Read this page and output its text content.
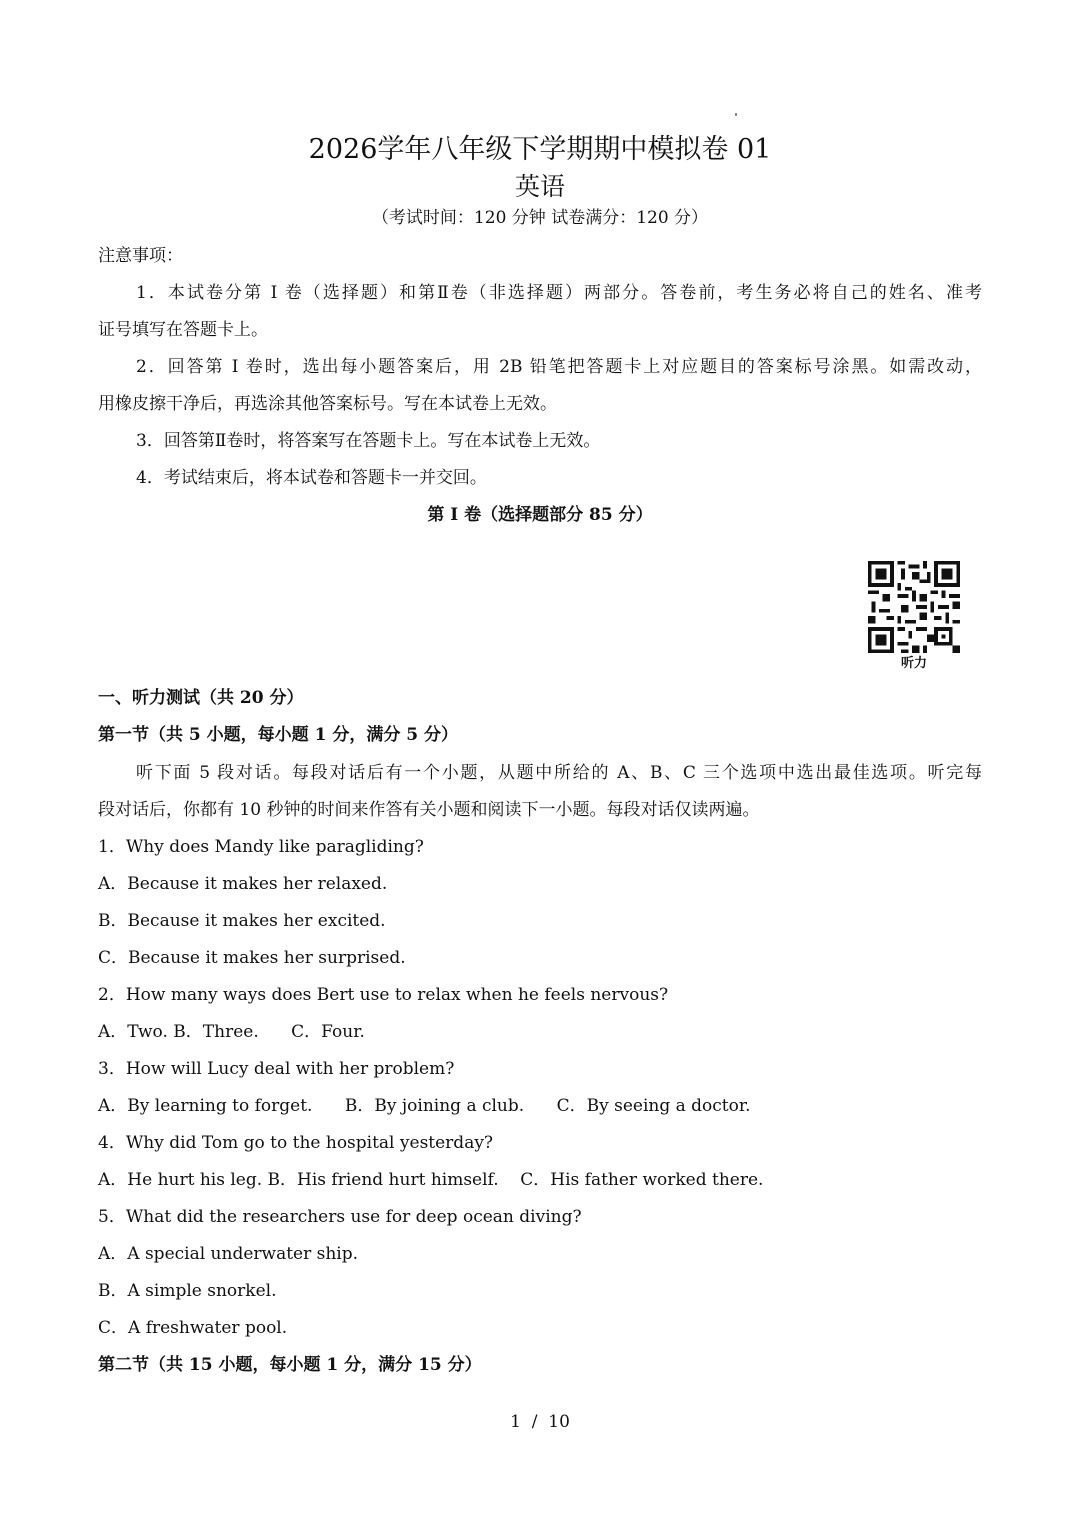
2026学年八年级下学期期中模拟卷 01
英语
（考试时间：120 分钟 试卷满分：120 分）
注意事项：
1．本试卷分第 I 卷（选择题）和第Ⅱ卷（非选择题）两部分。答卷前，考生务必将自己的姓名、准考
证号填写在答题卡上。
2．回答第 I 卷时，选出每小题答案后，用 2B 铅笔把答题卡上对应题目的答案标号涂黑。如需改动，
用橡皮擦干净后，再选涂其他答案标号。写在本试卷上无效。
3．回答第Ⅱ卷时，将答案写在答题卡上。写在本试卷上无效。
4．考试结束后，将本试卷和答题卡一并交回。
第 I 卷（选择题部分 85 分）
听力
一、听力测试（共 20 分）
第一节（共 5 小题，每小题 1 分，满分 5 分）
听下面 5 段对话。每段对话后有一个小题，从题中所给的 A、B、C 三个选项中选出最佳选项。听完每
段对话后，你都有 10 秒钟的时间来作答有关小题和阅读下一小题。每段对话仅读两遍。
1．Why does Mandy like paragliding?
A．Because it makes her relaxed.
B．Because it makes her excited.
C．Because it makes her surprised.
2．How many ways does Bert use to relax when he feels nervous?
A．Two. B．Three.      C．Four.
3．How will Lucy deal with her problem?
A．By learning to forget.      B．By joining a club.      C．By seeing a doctor.
4．Why did Tom go to the hospital yesterday?
A．He hurt his leg. B．His friend hurt himself.    C．His father worked there.
5．What did the researchers use for deep ocean diving?
A．A special underwater ship.
B．A simple snorkel.
C．A freshwater pool.
第二节（共 15 小题，每小题 1 分，满分 15 分）
1  /  10
